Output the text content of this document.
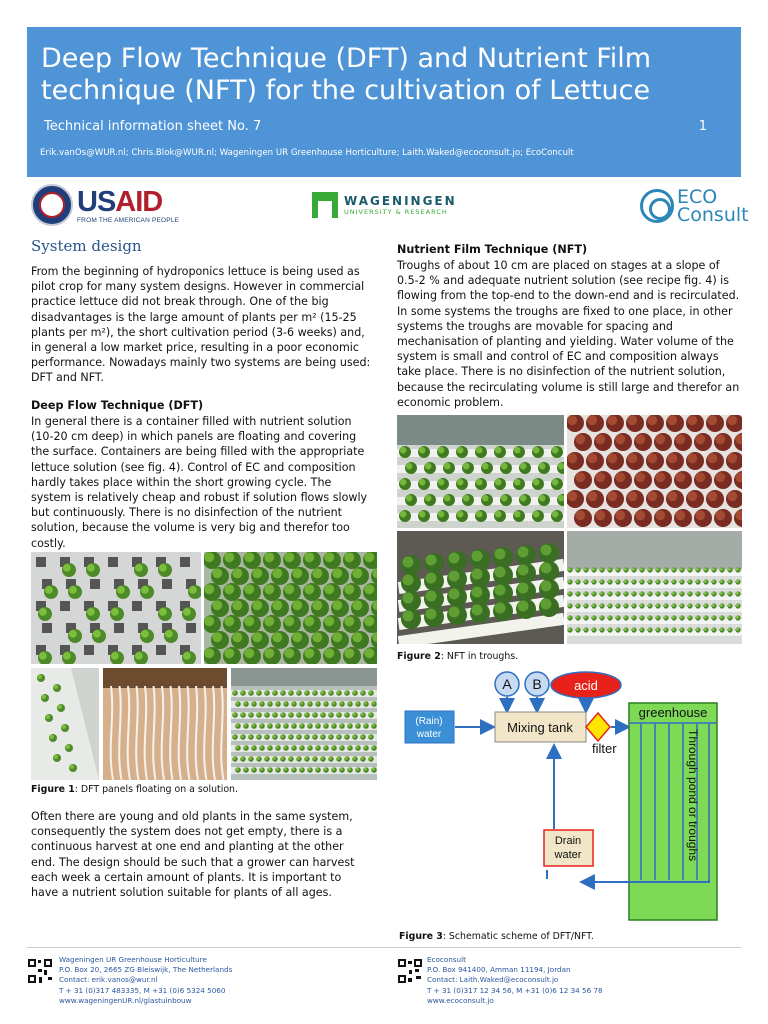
Deep Flow Technique (DFT) and Nutrient Film technique (NFT) for the cultivation of Lettuce
Technical information sheet No. 7	1
Erik.vanOs@WUR.nl; Chris.Blok@WUR.nl; Wageningen UR Greenhouse Horticulture; Laith.Waked@ecoconsult.jo; EcoConcult
USAID
FROM THE AMERICAN PEOPLE
WAGENINGEN
UNIVERSITY & RESEARCH
ECO
Consult
System design
From the beginning of hydroponics lettuce is being used as pilot crop for many system designs. However in commercial practice lettuce did not break through. One of the big disadvantages is the large amount of plants per m² (15-25 plants per m²), the short cultivation period (3-6 weeks) and, in general a low market price, resulting in a poor economic performance. Nowadays mainly two systems are being used: DFT and NFT.
Deep Flow Technique (DFT)
In general there is a container filled with nutrient solution (10-20 cm deep) in which panels are floating and covering the surface. Containers are being filled with the appropriate lettuce solution (see fig. 4). Control of EC and composition hardly takes place within the short growing cycle. The system is relatively cheap and robust if solution flows slowly but continuously. There is no disinfection of the nutrient solution, because the volume is very big and therefor too costly.
Figure 1: DFT panels floating on a solution.
Often there are young and old plants in the same system, consequently the system does not get empty, there is a continuous harvest at one end and planting at the other end. The design should be such that a grower can harvest each week a certain amount of plants. It is important to have a nutrient solution suitable for plants of all ages.
Nutrient Film Technique (NFT)
Troughs of about 10 cm are placed on stages at a slope of 0.5-2 % and adequate nutrient solution (see recipe fig. 4) is flowing from the top-end to the down-end and is recirculated. In some systems the troughs are fixed to one place, in other systems the troughs are movable for spacing and mechanisation of planting and yielding. Water volume of the system is small and control of EC and composition always take place. There is no disinfection of the nutrient solution, because the recirculating volume is still large and therefor an economic problem.
Figure 2: NFT in troughs.
A B acid
(Rain)
water	Mixing tank
filter
greenhouse
Through pond or troughs
Drain
water
Figure 3: Schematic scheme of DFT/NFT.
Wageningen UR Greenhouse Horticulture
P.O. Box 20, 2665 ZG Bleiswijk, The Netherlands
Contact: erik.vanos@wur.nl
T + 31 (0)317 483335, M +31 (0)6 5324 5060
www.wageningenUR.nl/glastuinbouw
Ecoconsult
P.O. Box 941400, Amman 11194, Jordan
Contact: Laith.Waked@ecoconsult.jo
T + 31 (0)317 12 34 56, M +31 (0)6 12 34 56 78
www.ecoconsult.jo
